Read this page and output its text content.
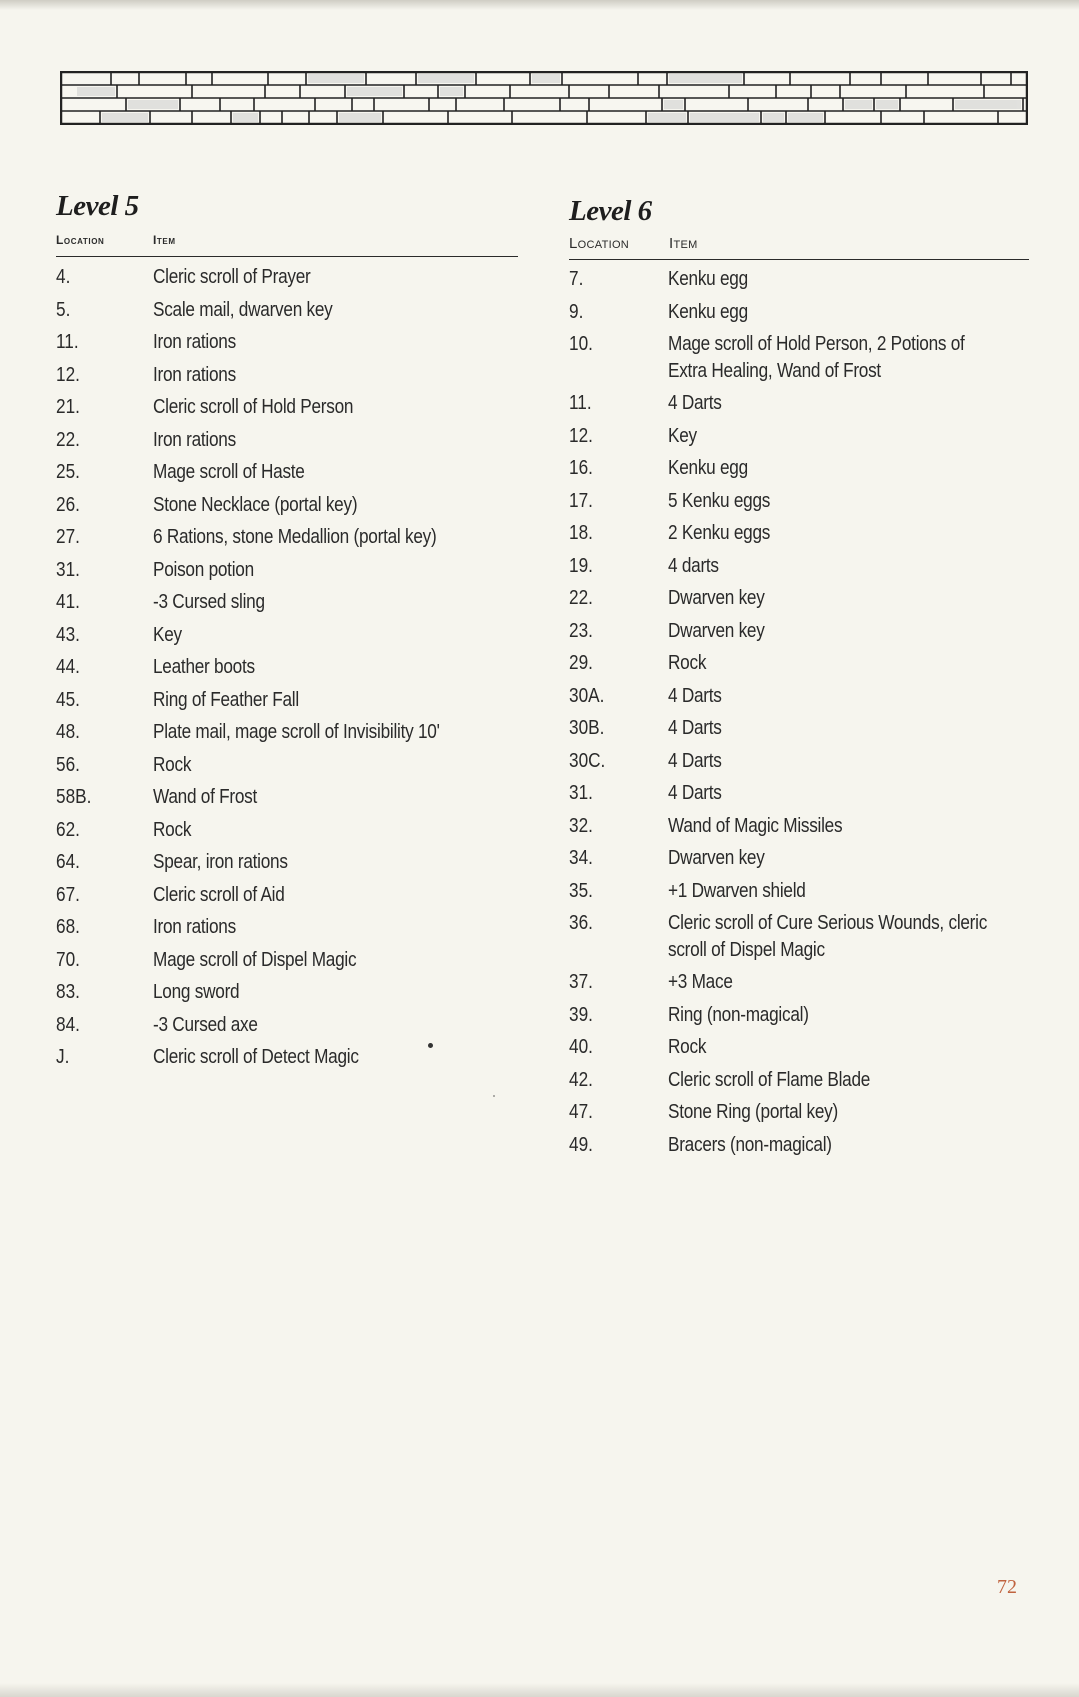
Level 5
Location	Item
4.	Cleric scroll of Prayer
5.	Scale mail, dwarven key
11.	Iron rations
12.	Iron rations
21.	Cleric scroll of Hold Person
22.	Iron rations
25.	Mage scroll of Haste
26.	Stone Necklace (portal key)
27.	6 Rations, stone Medallion (portal key)
31.	Poison potion
41.	-3 Cursed sling
43.	Key
44.	Leather boots
45.	Ring of Feather Fall
48.	Plate mail, mage scroll of Invisibility 10'
56.	Rock
58B.	Wand of Frost
62.	Rock
64.	Spear, iron rations
67.	Cleric scroll of Aid
68.	Iron rations
70.	Mage scroll of Dispel Magic
83.	Long sword
84.	-3 Cursed axe
J.	Cleric scroll of Detect Magic
Level 6
Location	Item
7.	Kenku egg
9.	Kenku egg
10.	Mage scroll of Hold Person, 2 Potions of
Extra Healing, Wand of Frost
11.	4 Darts
12.	Key
16.	Kenku egg
17.	5 Kenku eggs
18.	2 Kenku eggs
19.	4 darts
22.	Dwarven key
23.	Dwarven key
29.	Rock
30A.	4 Darts
30B.	4 Darts
30C.	4 Darts
31.	4 Darts
32.	Wand of Magic Missiles
34.	Dwarven key
35.	+1 Dwarven shield
36.	Cleric scroll of Cure Serious Wounds, cleric
scroll of Dispel Magic
37.	+3 Mace
39.	Ring (non-magical)
40.	Rock
42.	Cleric scroll of Flame Blade
47.	Stone Ring (portal key)
49.	Bracers (non-magical)
72
